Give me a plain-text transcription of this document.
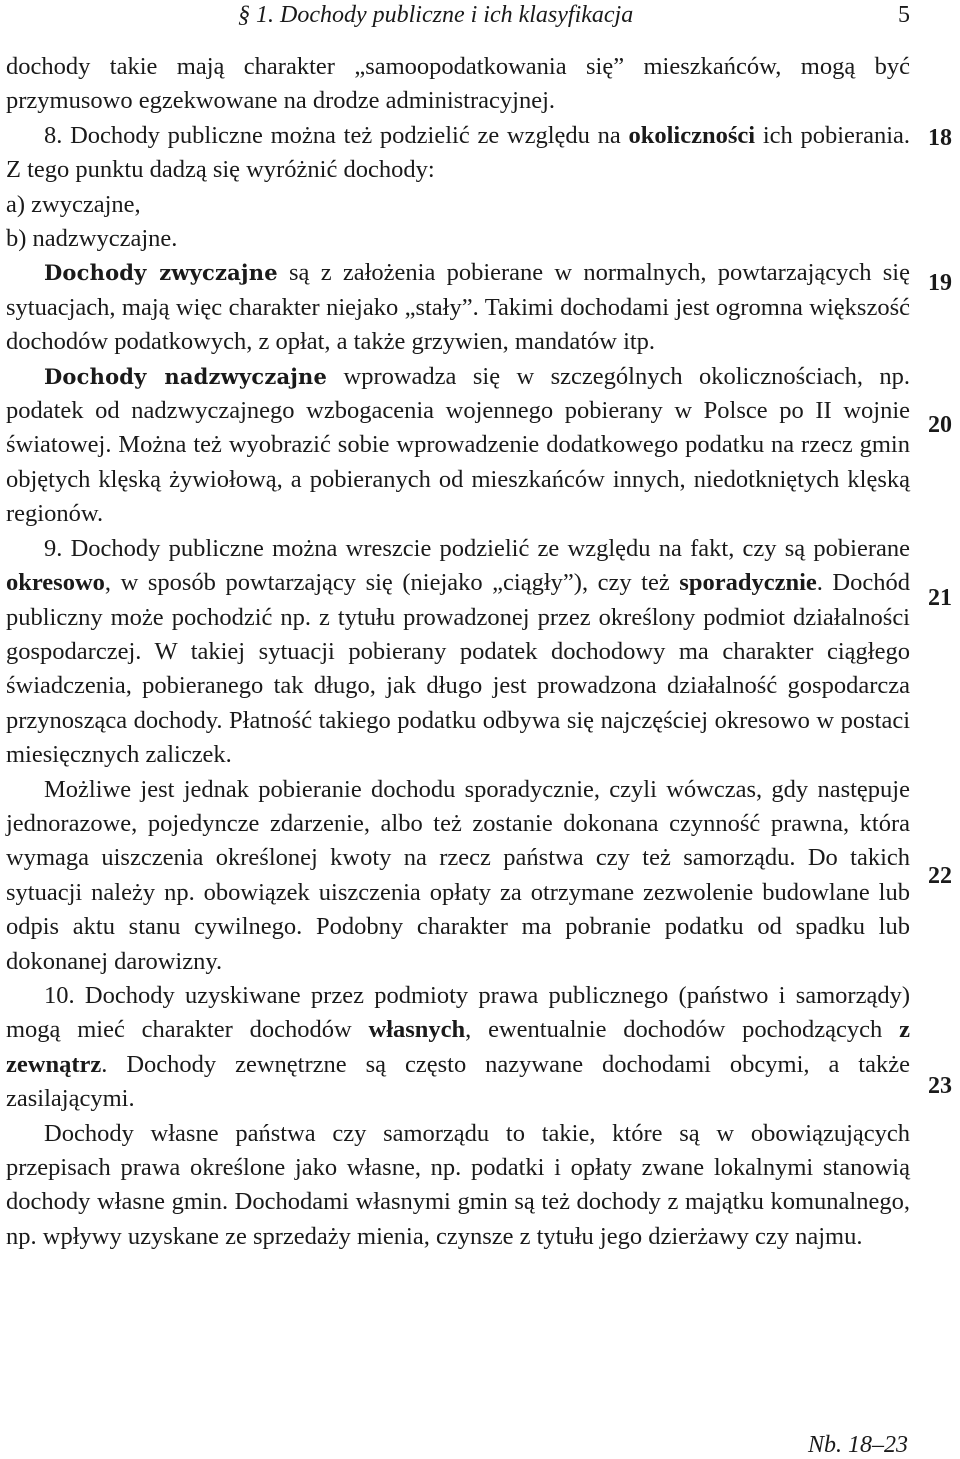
§ 1. Dochody publiczne i ich klasyfikacja	5

dochody takie mają charakter „samoopodatkowania się” mieszkańców, mogą być przymusowo egzekwowane na drodze administracyjnej.

8. Dochody publiczne można też podzielić ze względu na okoliczności ich pobierania. Z tego punktu dadzą się wyróżnić dochody:

a) zwyczajne,

b) nadzwyczajne.

Dochody zwyczajne są z założenia pobierane w normalnych, powtarzających się sytuacjach, mają więc charakter niejako „stały”. Takimi dochodami jest ogromna większość dochodów podatkowych, z opłat, a także grzywien, mandatów itp.

Dochody nadzwyczajne wprowadza się w szczególnych okolicznościach, np. podatek od nadzwyczajnego wzbogacenia wojennego pobierany w Polsce po II wojnie światowej. Można też wyobrazić sobie wprowadzenie dodatkowego podatku na rzecz gmin objętych klęską żywiołową, a pobieranych od mieszkańców innych, niedotkniętych klęską regionów.

9. Dochody publiczne można wreszcie podzielić ze względu na fakt, czy są pobierane okresowo, w sposób powtarzający się (niejako „ciągły”), czy też sporadycznie. Dochód publiczny może pochodzić np. z tytułu prowadzonej przez określony podmiot działalności gospodarczej. W takiej sytuacji pobierany podatek dochodowy ma charakter ciągłego świadczenia, pobieranego tak długo, jak długo jest prowadzona działalność gospodarcza przynosząca dochody. Płatność takiego podatku odbywa się najczęściej okresowo w postaci miesięcznych zaliczek.

Możliwe jest jednak pobieranie dochodu sporadycznie, czyli wówczas, gdy następuje jednorazowe, pojedyncze zdarzenie, albo też zostanie dokonana czynność prawna, która wymaga uiszczenia określonej kwoty na rzecz państwa czy też samorządu. Do takich sytuacji należy np. obowiązek uiszczenia opłaty za otrzymane zezwolenie budowlane lub odpis aktu stanu cywilnego. Podobny charakter ma pobranie podatku od spadku lub dokonanej darowizny.

10. Dochody uzyskiwane przez podmioty prawa publicznego (państwo i samorządy) mogą mieć charakter dochodów własnych, ewentualnie dochodów pochodzących z zewnątrz. Dochody zewnętrzne są często nazywane dochodami obcymi, a także zasilającymi.

Dochody własne państwa czy samorządu to takie, które są w obowiązujących przepisach prawa określone jako własne, np. podatki i opłaty zwane lokalnymi stanowią dochody własne gmin. Dochodami własnymi gmin są też dochody z majątku komunalnego, np. wpływy uzyskane ze sprzedaży mienia, czynsze z tytułu jego dzierżawy czy najmu.

18
19
20
21
22
23
Nb. 18–23
